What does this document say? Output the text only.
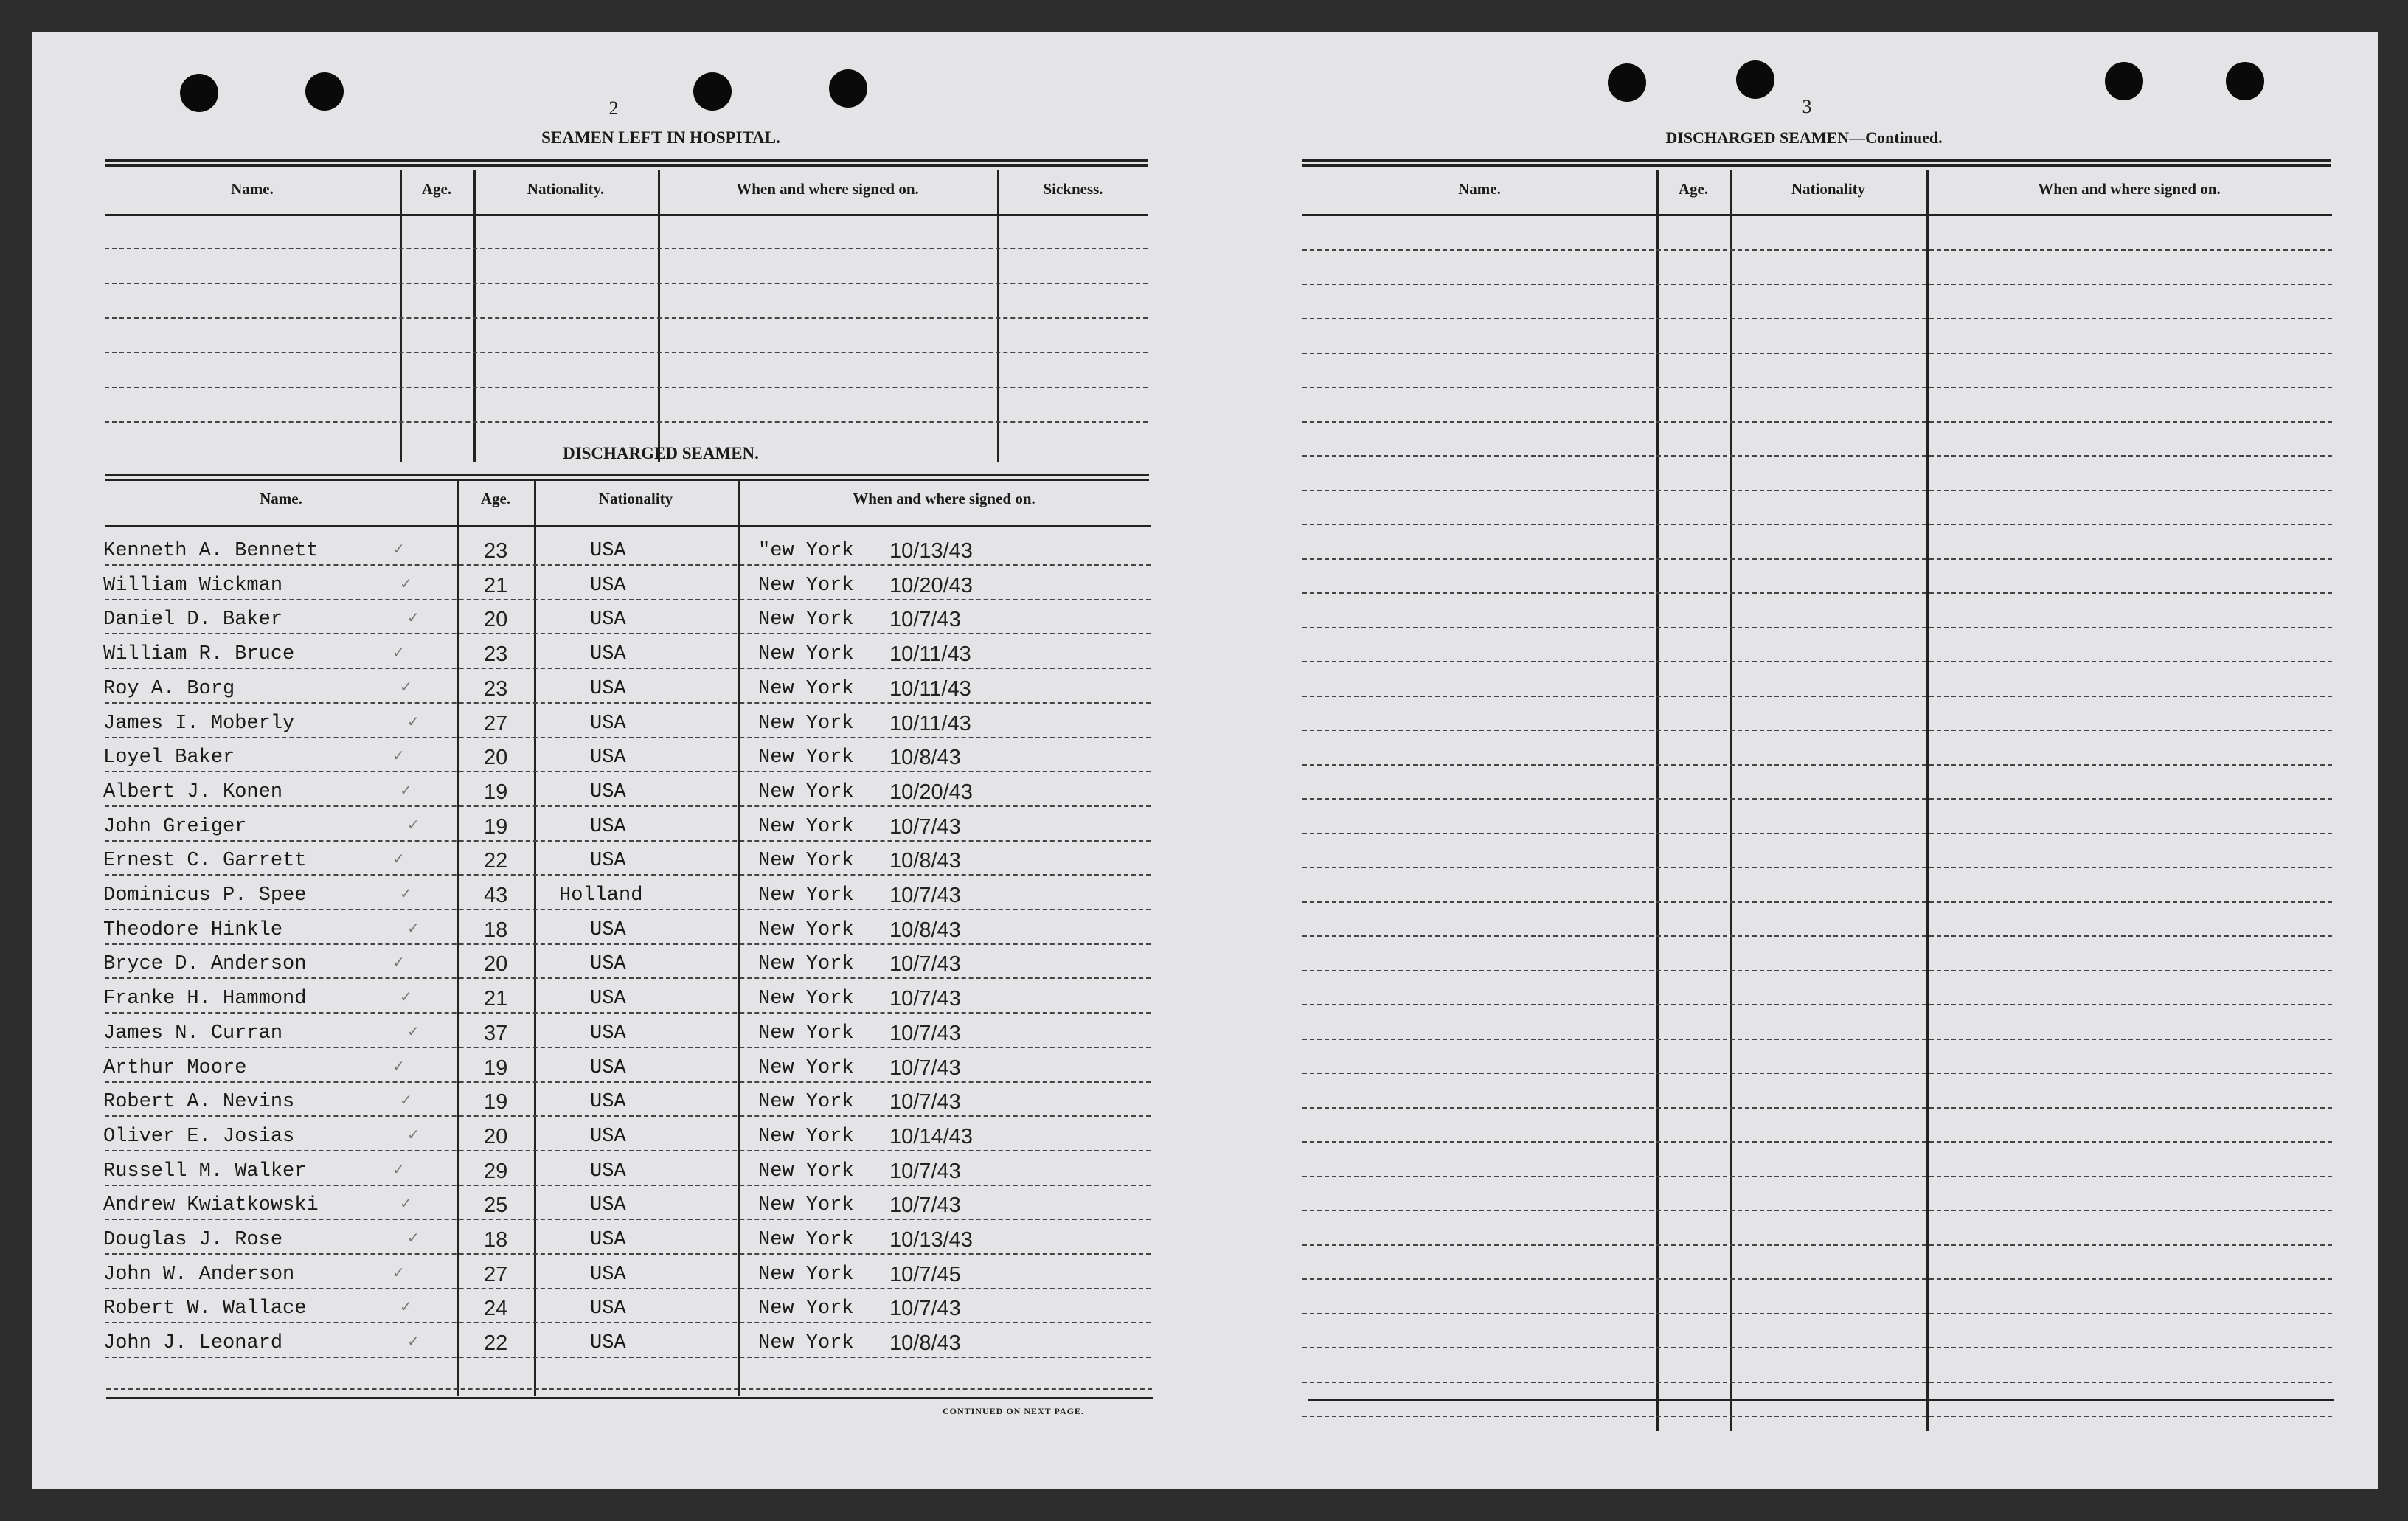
2
SEAMEN LEFT IN HOSPITAL.
Name.	Age.	Nationality.	When and where signed on.	Sickness.
DISCHARGED SEAMEN.
Name.	Age.	Nationality	When and where signed on.
Kenneth A. Bennett	23	USA	"ew York 10/13/43
✓
William Wickman	21	USA	New York 10/20/43
✓
Daniel D. Baker	20	USA	New York 10/7/43
✓
William R. Bruce	23	USA	New York 10/11/43
✓
Roy A. Borg	23	USA	New York 10/11/43
✓
James I. Moberly	27	USA	New York 10/11/43
✓
Loyel Baker	20	USA	New York 10/8/43
✓
Albert J. Konen	19	USA	New York 10/20/43
✓
John Greiger	19	USA	New York 10/7/43
✓
Ernest C. Garrett	22	USA	New York 10/8/43
✓
Dominicus P. Spee	43	Holland	New York 10/7/43
✓
Theodore Hinkle	18	USA	New York 10/8/43
✓
Bryce D. Anderson	20	USA	New York 10/7/43
✓
Franke H. Hammond	21	USA	New York 10/7/43
✓
James N. Curran	37	USA	New York 10/7/43
✓
Arthur Moore	19	USA	New York 10/7/43
✓
Robert A. Nevins	19	USA	New York 10/7/43
✓
Oliver E. Josias	20	USA	New York 10/14/43
✓
Russell M. Walker	29	USA	New York 10/7/43
✓
Andrew Kwiatkowski	25	USA	New York 10/7/43
✓
Douglas J. Rose	18	USA	New York 10/13/43
✓
John W. Anderson	27	USA	New York 10/7/45
✓
Robert W. Wallace	24	USA	New York 10/7/43
✓
John J. Leonard	22	USA	New York 10/8/43
✓
CONTINUED ON NEXT PAGE.
3
DISCHARGED SEAMEN—Continued.
Name.	Age.	Nationality	When and where signed on.
